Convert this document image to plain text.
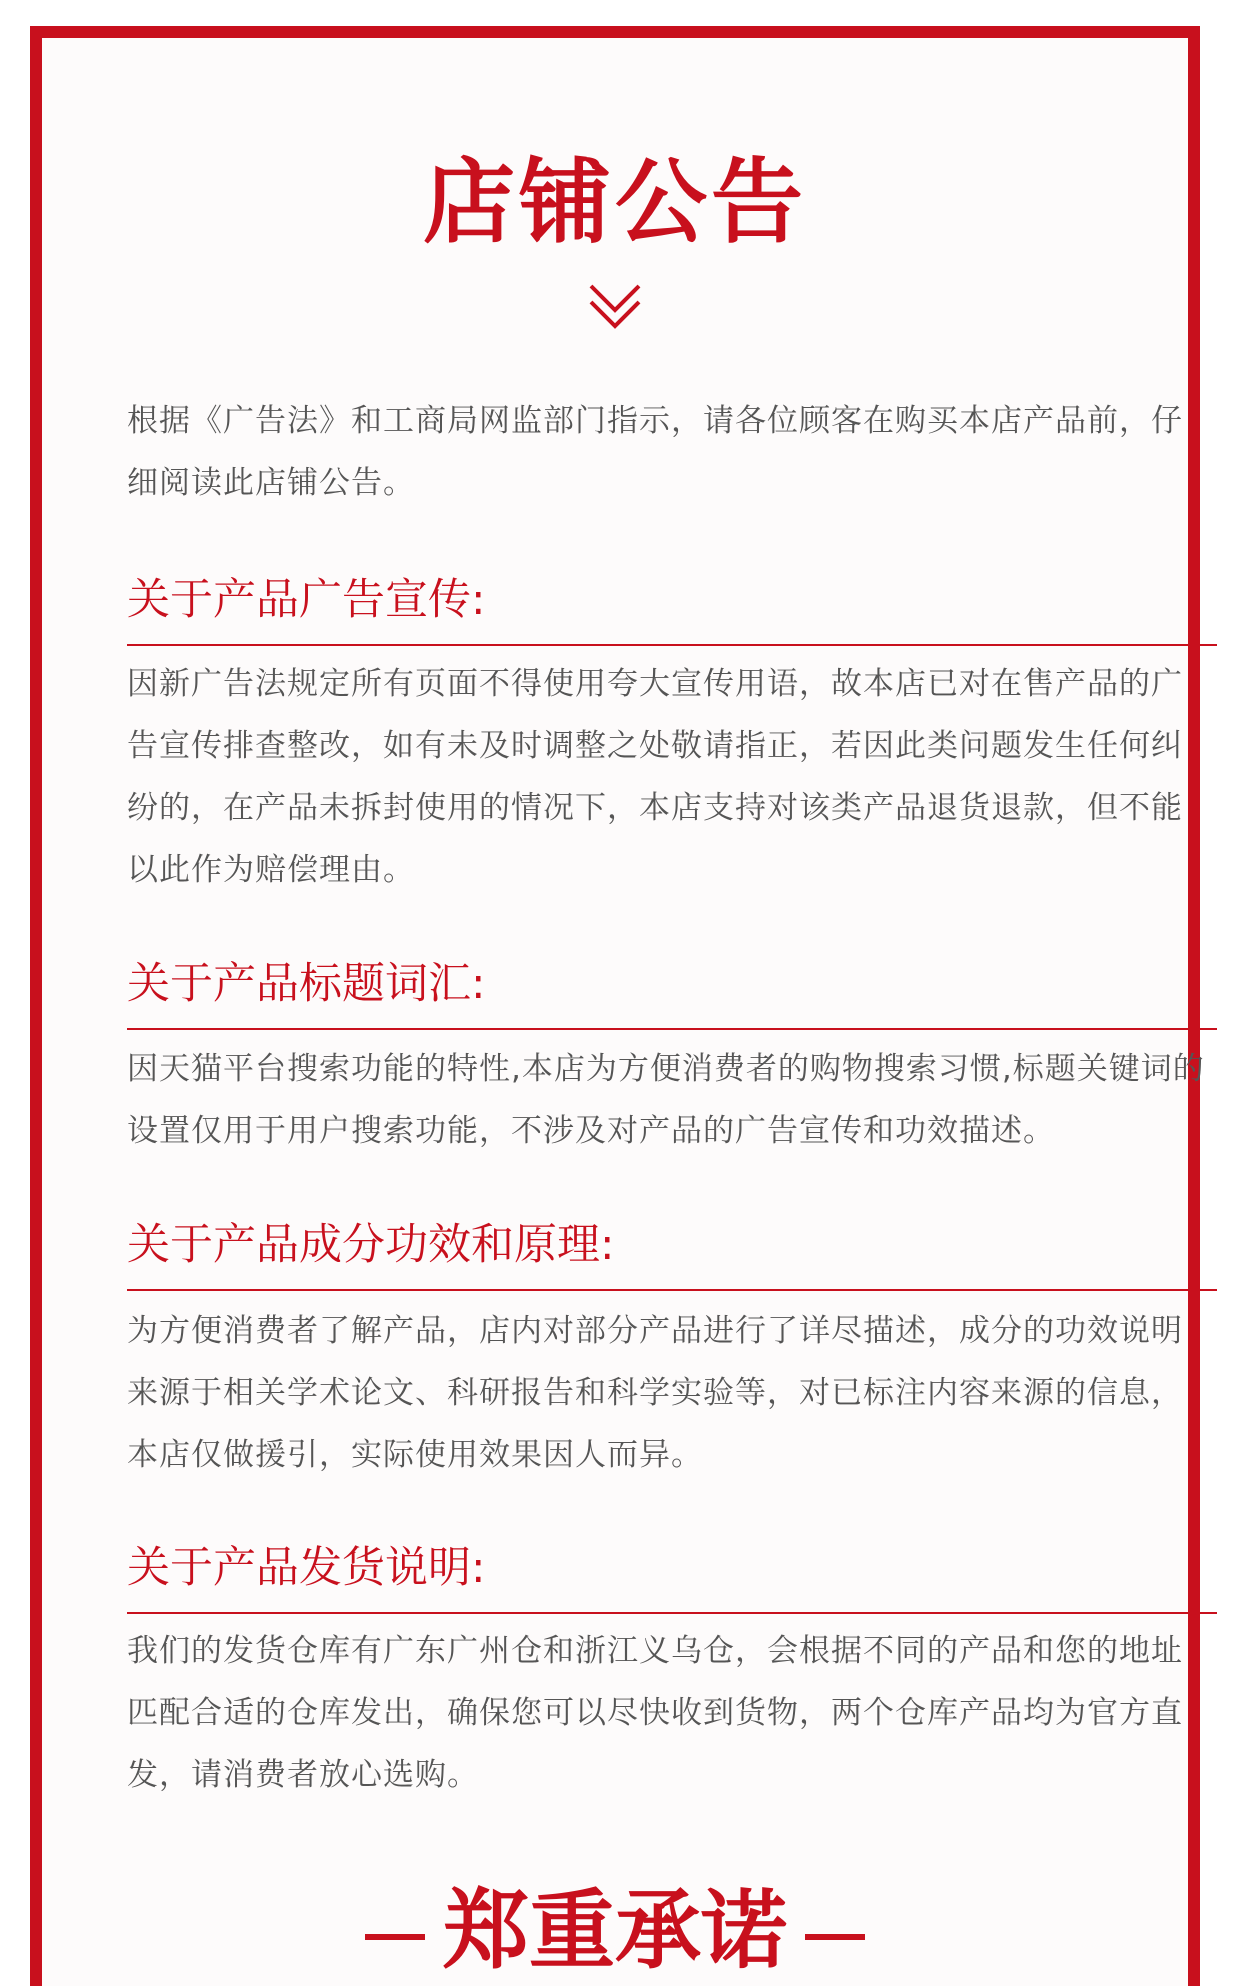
店铺公告
根据《广告法》和工商局网监部门指示，请各位顾客在购买本店产品前，仔细阅读此店铺公告。
关于产品广告宣传:
因新广告法规定所有页面不得使用夸大宣传用语，故本店已对在售产品的广告宣传排查整改，如有未及时调整之处敬请指正，若因此类问题发生任何纠纷的，在产品未拆封使用的情况下，本店支持对该类产品退货退款，但不能以此作为赔偿理由。
关于产品标题词汇:
因天猫平台搜索功能的特性,本店为方便消费者的购物搜索习惯,标题关键词的设置仅用于用户搜索功能，不涉及对产品的广告宣传和功效描述。
关于产品成分功效和原理:
为方便消费者了解产品，店内对部分产品进行了详尽描述，成分的功效说明来源于相关学术论文、科研报告和科学实验等，对已标注内容来源的信息，本店仅做援引，实际使用效果因人而异。
关于产品发货说明:
我们的发货仓库有广东广州仓和浙江义乌仓，会根据不同的产品和您的地址匹配合适的仓库发出，确保您可以尽快收到货物，两个仓库产品均为官方直发，请消费者放心选购。
郑重承诺
